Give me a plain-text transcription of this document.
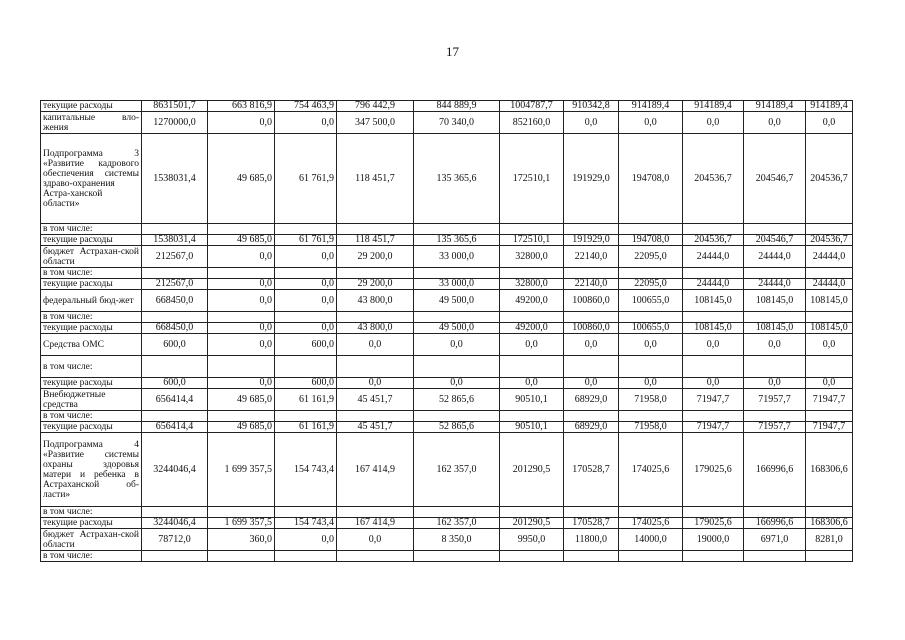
17
текущие расходы	8631501,7	663 816,9	754 463,9	796 442,9	844 889,9	1004787,7	910342,8	914189,4	914189,4	914189,4	914189,4
капитальные вло-жения	1270000,0	0,0	0,0	347 500,0	70 340,0	852160,0	0,0	0,0	0,0	0,0	0,0
Подпрограмма 3 «Развитие кадрового обеспечения системы здраво-охранения Астра-ханской области»	1538031,4	49 685,0	61 761,9	118 451,7	135 365,6	172510,1	191929,0	194708,0	204536,7	204546,7	204536,7
в том числе:											
текущие расходы	1538031,4	49 685,0	61 761,9	118 451,7	135 365,6	172510,1	191929,0	194708,0	204536,7	204546,7	204536,7
бюджет Астрахан-ской области	212567,0	0,0	0,0	29 200,0	33 000,0	32800,0	22140,0	22095,0	24444,0	24444,0	24444,0
в том числе:											
текущие расходы	212567,0	0,0	0,0	29 200,0	33 000,0	32800,0	22140,0	22095,0	24444,0	24444,0	24444,0
федеральный бюд-жет	668450,0	0,0	0,0	43 800,0	49 500,0	49200,0	100860,0	100655,0	108145,0	108145,0	108145,0
в том числе:											
текущие расходы	668450,0	0,0	0,0	43 800,0	49 500,0	49200,0	100860,0	100655,0	108145,0	108145,0	108145,0
Средства ОМС	600,0	0,0	600,0	0,0	0,0	0,0	0,0	0,0	0,0	0,0	0,0
в том числе:											
текущие расходы	600,0	0,0	600,0	0,0	0,0	0,0	0,0	0,0	0,0	0,0	0,0
Внебюджетные средства	656414,4	49 685,0	61 161,9	45 451,7	52 865,6	90510,1	68929,0	71958,0	71947,7	71957,7	71947,7
в том числе:											
текущие расходы	656414,4	49 685,0	61 161,9	45 451,7	52 865,6	90510,1	68929,0	71958,0	71947,7	71957,7	71947,7
Подпрограмма 4 «Развитие системы охраны здоровья матери и ребенка в Астраханской об-ласти»	3244046,4	1 699 357,5	154 743,4	167 414,9	162 357,0	201290,5	170528,7	174025,6	179025,6	166996,6	168306,6
в том числе:											
текущие расходы	3244046,4	1 699 357,5	154 743,4	167 414,9	162 357,0	201290,5	170528,7	174025,6	179025,6	166996,6	168306,6
бюджет Астрахан-ской области	78712,0	360,0	0,0	0,0	8 350,0	9950,0	11800,0	14000,0	19000,0	6971,0	8281,0
в том числе:											
